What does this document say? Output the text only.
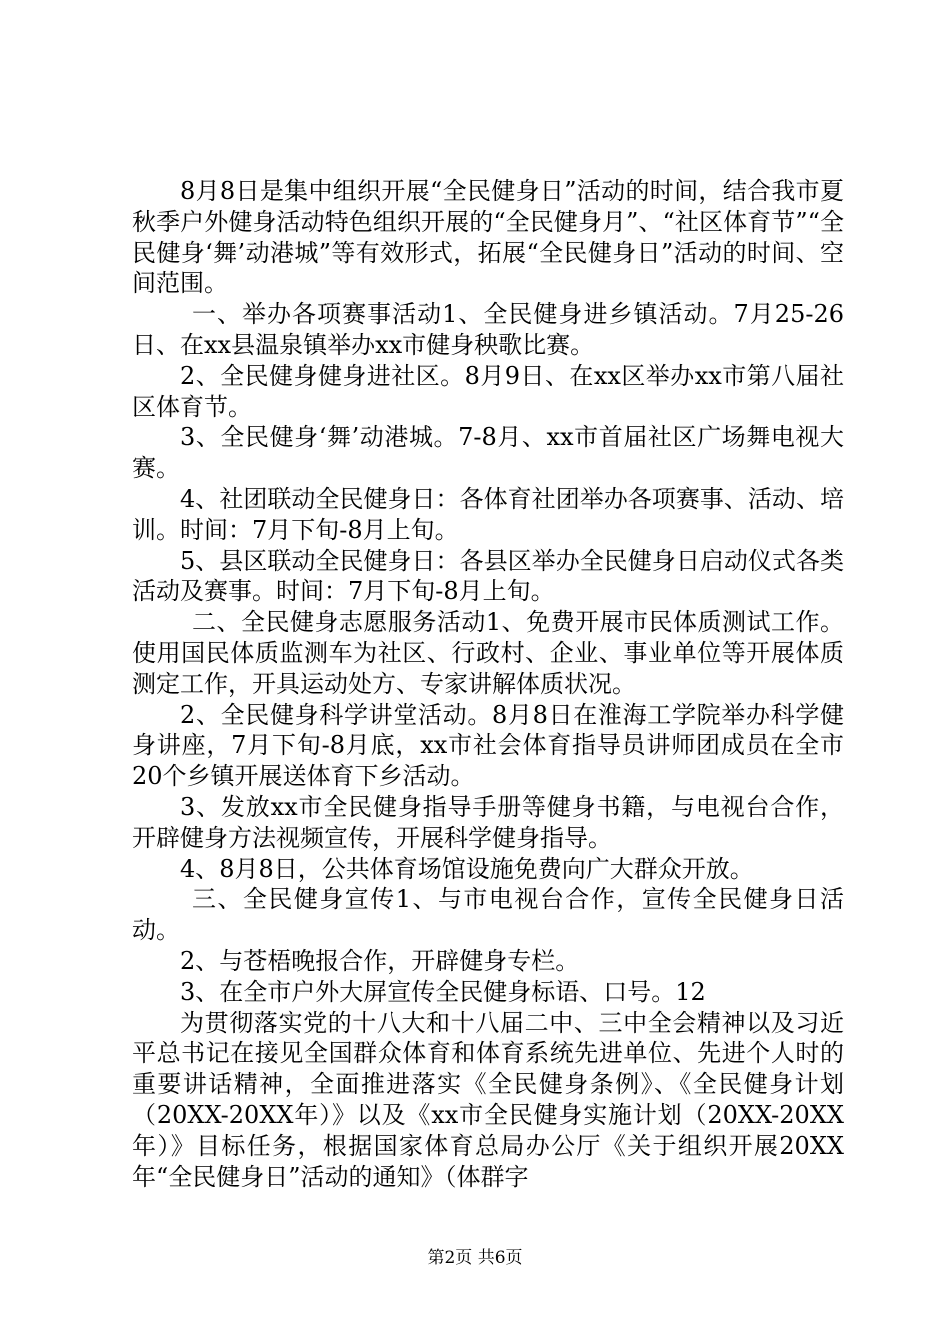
8月8日是集中组织开展“全民健身日”活动的时间，结合我市夏秋季户外健身活动特色组织开展的“全民健身月”、“社区体育节”“全民健身‘舞’动港城”等有效形式，拓展“全民健身日”活动的时间、空间范围。

一、举办各项赛事活动1、全民健身进乡镇活动。7月25-26日、在xx县温泉镇举办xx市健身秧歌比赛。

2、全民健身健身进社区。8月9日、在xx区举办xx市第八届社区体育节。

3、全民健身‘舞’动港城。7-8月、xx市首届社区广场舞电视大赛。

4、社团联动全民健身日：各体育社团举办各项赛事、活动、培训。时间：7月下旬-8月上旬。

5、县区联动全民健身日：各县区举办全民健身日启动仪式各类活动及赛事。时间：7月下旬-8月上旬。

二、全民健身志愿服务活动1、免费开展市民体质测试工作。使用国民体质监测车为社区、行政村、企业、事业单位等开展体质测定工作，开具运动处方、专家讲解体质状况。

2、全民健身科学讲堂活动。8月8日在淮海工学院举办科学健身讲座，7月下旬-8月底，xx市社会体育指导员讲师团成员在全市20个乡镇开展送体育下乡活动。

3、发放xx市全民健身指导手册等健身书籍，与电视台合作，开辟健身方法视频宣传，开展科学健身指导。

4、8月8日，公共体育场馆设施免费向广大群众开放。

三、全民健身宣传1、与市电视台合作，宣传全民健身日活动。

2、与苍梧晚报合作，开辟健身专栏。

3、在全市户外大屏宣传全民健身标语、口号。12

为贯彻落实党的十八大和十八届二中、三中全会精神以及习近平总书记在接见全国群众体育和体育系统先进单位、先进个人时的重要讲话精神，全面推进落实《全民健身条例》、《全民健身计划（20XX-20XX年）》以及《xx市全民健身实施计划（20XX-20XX年）》目标任务，根据国家体育总局办公厅《关于组织开展20XX年“全民健身日”活动的通知》（体群字

第2页 共6页
